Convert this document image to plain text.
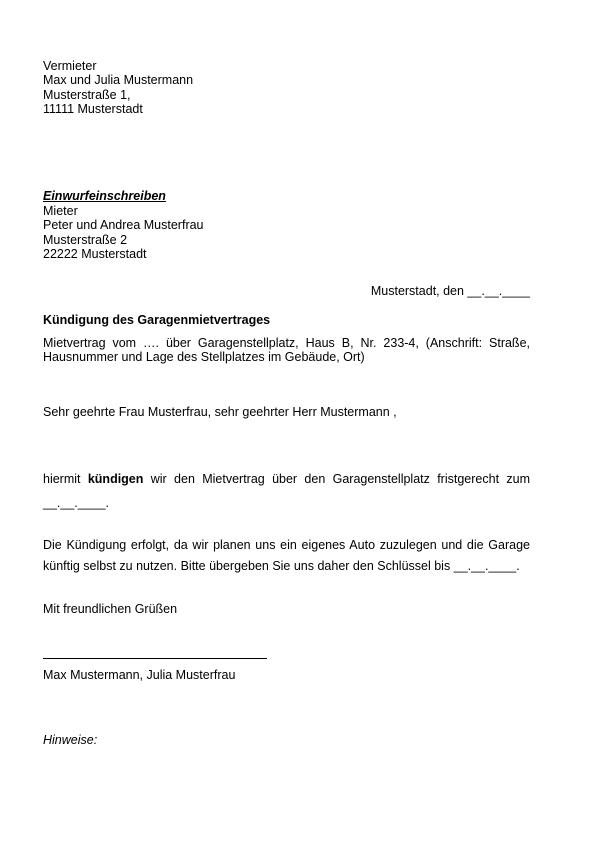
Vermieter
Max und Julia Mustermann
Musterstraße 1,
11111 Musterstadt
Einwurfeinschreiben
Mieter
Peter und Andrea Musterfrau
Musterstraße 2
22222 Musterstadt
Musterstadt, den __.__.____
Kündigung des Garagenmietvertrages
Mietvertrag vom …. über Garagenstellplatz, Haus B, Nr. 233-4, (Anschrift: Straße,
Hausnummer und Lage des Stellplatzes im Gebäude, Ort)
Sehr geehrte Frau Musterfrau, sehr geehrter Herr Mustermann ,
hiermit kündigen wir den Mietvertrag über den Garagenstellplatz fristgerecht zum
__.__.____.
Die Kündigung erfolgt, da wir planen uns ein eigenes Auto zuzulegen und die Garage
künftig selbst zu nutzen. Bitte übergeben Sie uns daher den Schlüssel bis __.__.____.
Mit freundlichen Grüßen
Max Mustermann, Julia Musterfrau
Hinweise:
